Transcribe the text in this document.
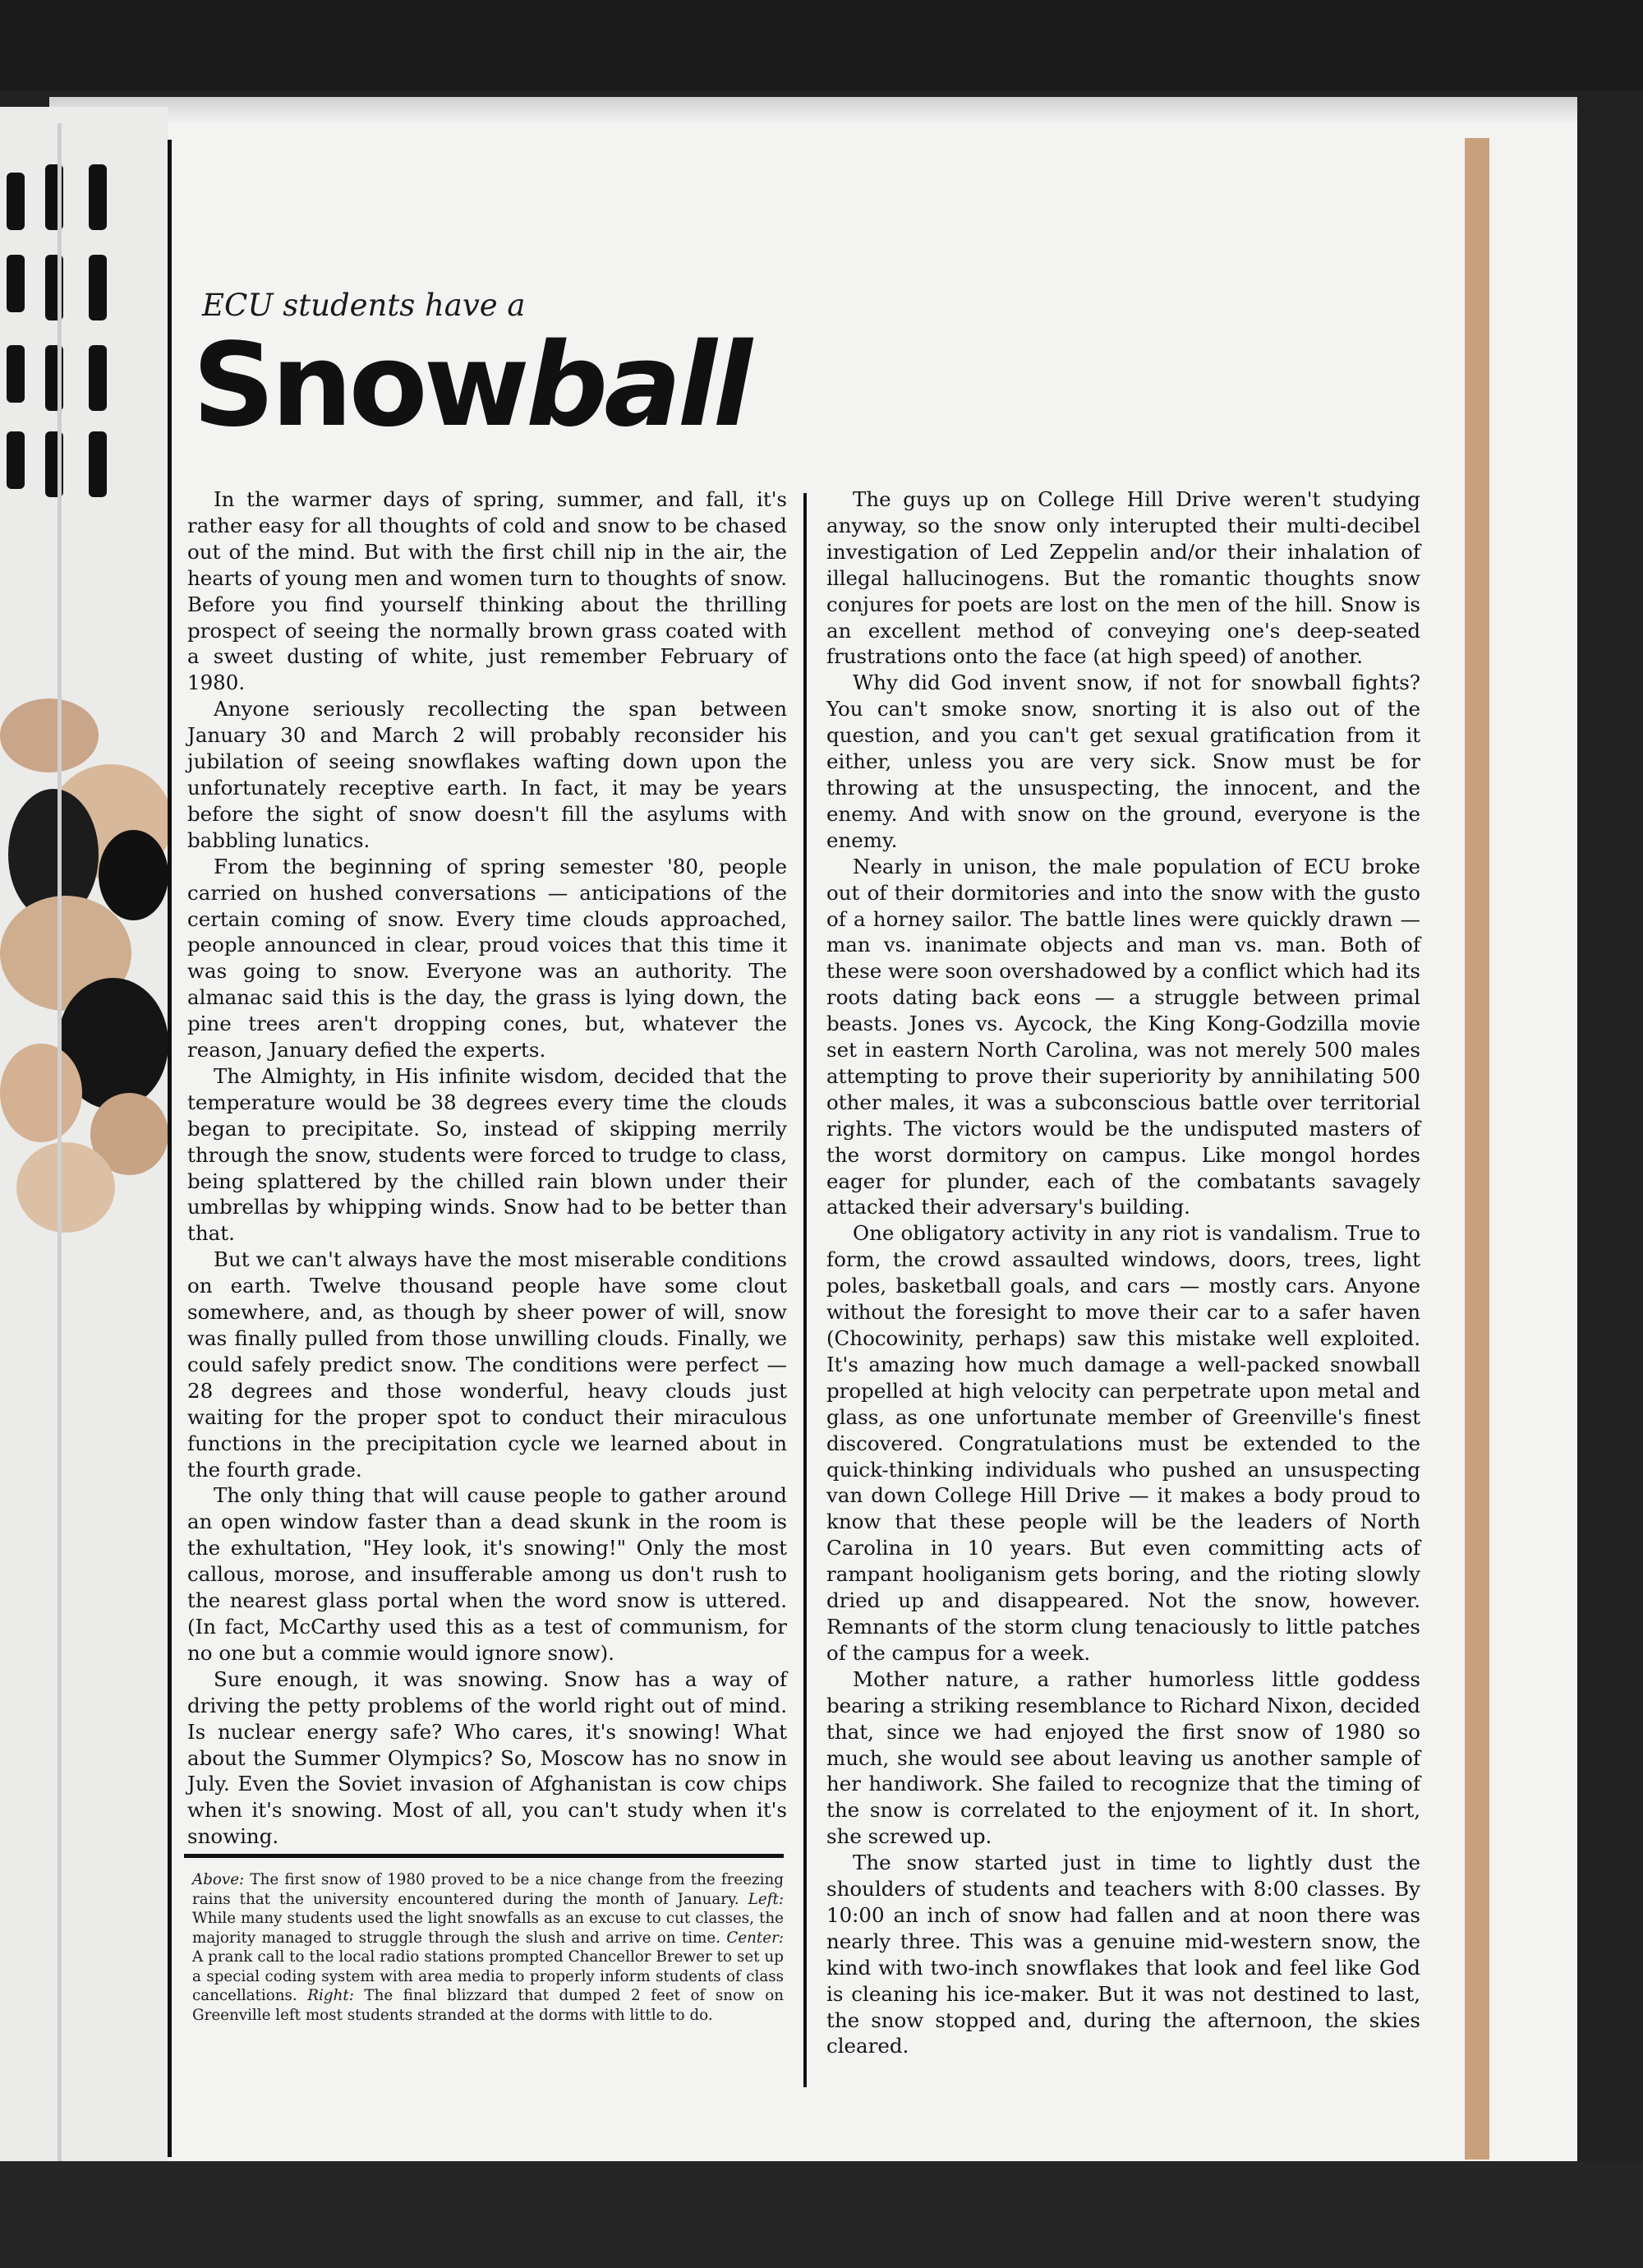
ECU students have a

Snowball

In the warmer days of spring, summer, and fall, it's rather easy for all thoughts of cold and snow to be chased out of the mind. But with the first chill nip in the air, the hearts of young men and women turn to thoughts of snow. Before you find yourself thinking about the thrilling prospect of seeing the normally brown grass coated with a sweet dusting of white, just remember February of 1980.

Anyone seriously recollecting the span between January 30 and March 2 will probably reconsider his jubilation of seeing snowflakes wafting down upon the unfortunately receptive earth. In fact, it may be years before the sight of snow doesn't fill the asylums with babbling lunatics.

From the beginning of spring semester '80, people carried on hushed conversations — anticipations of the certain coming of snow. Every time clouds approached, people announced in clear, proud voices that this time it was going to snow. Everyone was an authority. The almanac said this is the day, the grass is lying down, the pine trees aren't dropping cones, but, whatever the reason, January defied the experts.

The Almighty, in His infinite wisdom, decided that the temperature would be 38 degrees every time the clouds began to precipitate. So, instead of skipping merrily through the snow, students were forced to trudge to class, being splattered by the chilled rain blown under their umbrellas by whipping winds. Snow had to be better than that.

But we can't always have the most miserable conditions on earth. Twelve thousand people have some clout somewhere, and, as though by sheer power of will, snow was finally pulled from those unwilling clouds. Finally, we could safely predict snow. The conditions were perfect — 28 degrees and those wonderful, heavy clouds just waiting for the proper spot to conduct their miraculous functions in the precipitation cycle we learned about in the fourth grade.

The only thing that will cause people to gather around an open window faster than a dead skunk in the room is the exhultation, "Hey look, it's snowing!" Only the most callous, morose, and insufferable among us don't rush to the nearest glass portal when the word snow is uttered. (In fact, McCarthy used this as a test of communism, for no one but a commie would ignore snow).

Sure enough, it was snowing. Snow has a way of driving the petty problems of the world right out of mind. Is nuclear energy safe? Who cares, it's snowing! What about the Summer Olympics? So, Moscow has no snow in July. Even the Soviet invasion of Afghanistan is cow chips when it's snowing. Most of all, you can't study when it's snowing.

The guys up on College Hill Drive weren't studying anyway, so the snow only interupted their multi-decibel investigation of Led Zeppelin and/or their inhalation of illegal hallucinogens. But the romantic thoughts snow conjures for poets are lost on the men of the hill. Snow is an excellent method of conveying one's deep-seated frustrations onto the face (at high speed) of another.

Why did God invent snow, if not for snowball fights? You can't smoke snow, snorting it is also out of the question, and you can't get sexual gratification from it either, unless you are very sick. Snow must be for throwing at the unsuspecting, the innocent, and the enemy. And with snow on the ground, everyone is the enemy.

Nearly in unison, the male population of ECU broke out of their dormitories and into the snow with the gusto of a horney sailor. The battle lines were quickly drawn — man vs. inanimate objects and man vs. man. Both of these were soon overshadowed by a conflict which had its roots dating back eons — a struggle between primal beasts. Jones vs. Aycock, the King Kong-Godzilla movie set in eastern North Carolina, was not merely 500 males attempting to prove their superiority by annihilating 500 other males, it was a subconscious battle over territorial rights. The victors would be the undisputed masters of the worst dormitory on campus. Like mongol hordes eager for plunder, each of the combatants savagely attacked their adversary's building.

One obligatory activity in any riot is vandalism. True to form, the crowd assaulted windows, doors, trees, light poles, basketball goals, and cars — mostly cars. Anyone without the foresight to move their car to a safer haven (Chocowinity, perhaps) saw this mistake well exploited. It's amazing how much damage a well-packed snowball propelled at high velocity can perpetrate upon metal and glass, as one unfortunate member of Greenville's finest discovered. Congratulations must be extended to the quick-thinking individuals who pushed an unsuspecting van down College Hill Drive — it makes a body proud to know that these people will be the leaders of North Carolina in 10 years. But even committing acts of rampant hooliganism gets boring, and the rioting slowly dried up and disappeared. Not the snow, however. Remnants of the storm clung tenaciously to little patches of the campus for a week.

Mother nature, a rather humorless little goddess bearing a striking resemblance to Richard Nixon, decided that, since we had enjoyed the first snow of 1980 so much, she would see about leaving us another sample of her handiwork. She failed to recognize that the timing of the snow is correlated to the enjoyment of it. In short, she screwed up.

The snow started just in time to lightly dust the shoulders of students and teachers with 8:00 classes. By 10:00 an inch of snow had fallen and at noon there was nearly three. This was a genuine mid-western snow, the kind with two-inch snowflakes that look and feel like God is cleaning his ice-maker. But it was not destined to last, the snow stopped and, during the afternoon, the skies cleared.

Above: The first snow of 1980 proved to be a nice change from the freezing rains that the university encountered during the month of January. Left: While many students used the light snowfalls as an excuse to cut classes, the majority managed to struggle through the slush and arrive on time. Center: A prank call to the local radio stations prompted Chancellor Brewer to set up a special coding system with area media to properly inform students of class cancellations. Right: The final blizzard that dumped 2 feet of snow on Greenville left most students stranded at the dorms with little to do.
